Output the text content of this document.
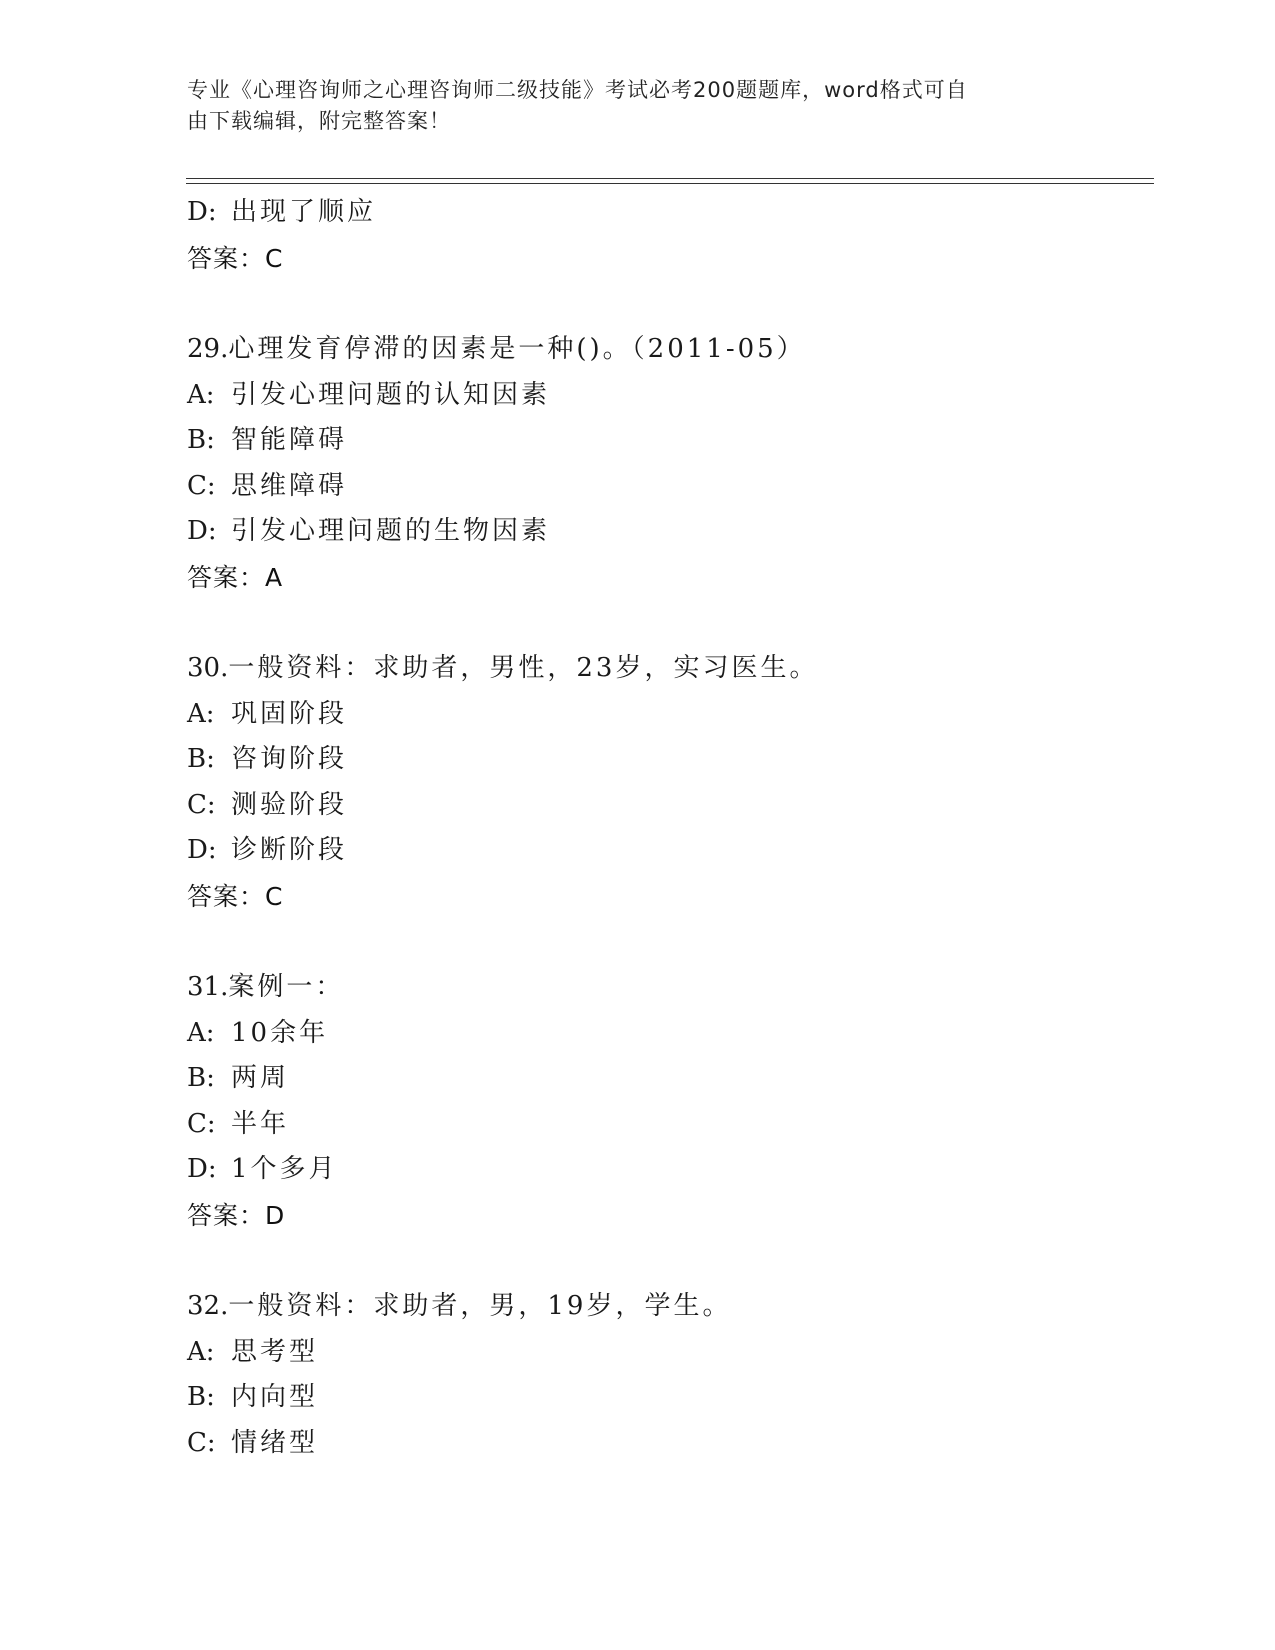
专业《心理咨询师之心理咨询师二级技能》考试必考200题题库，word格式可自
由下载编辑，附完整答案！
D: 出现了顺应
答案：C
29.心理发育停滞的因素是一种()。（2011-05）
A: 引发心理问题的认知因素
B: 智能障碍
C: 思维障碍
D: 引发心理问题的生物因素
答案：A
30.一般资料：求助者，男性，23岁，实习医生。
A: 巩固阶段
B: 咨询阶段
C: 测验阶段
D: 诊断阶段
答案：C
31.案例一：
A: 10余年
B: 两周
C: 半年
D: 1个多月
答案：D
32.一般资料：求助者，男，19岁，学生。
A: 思考型
B: 内向型
C: 情绪型
